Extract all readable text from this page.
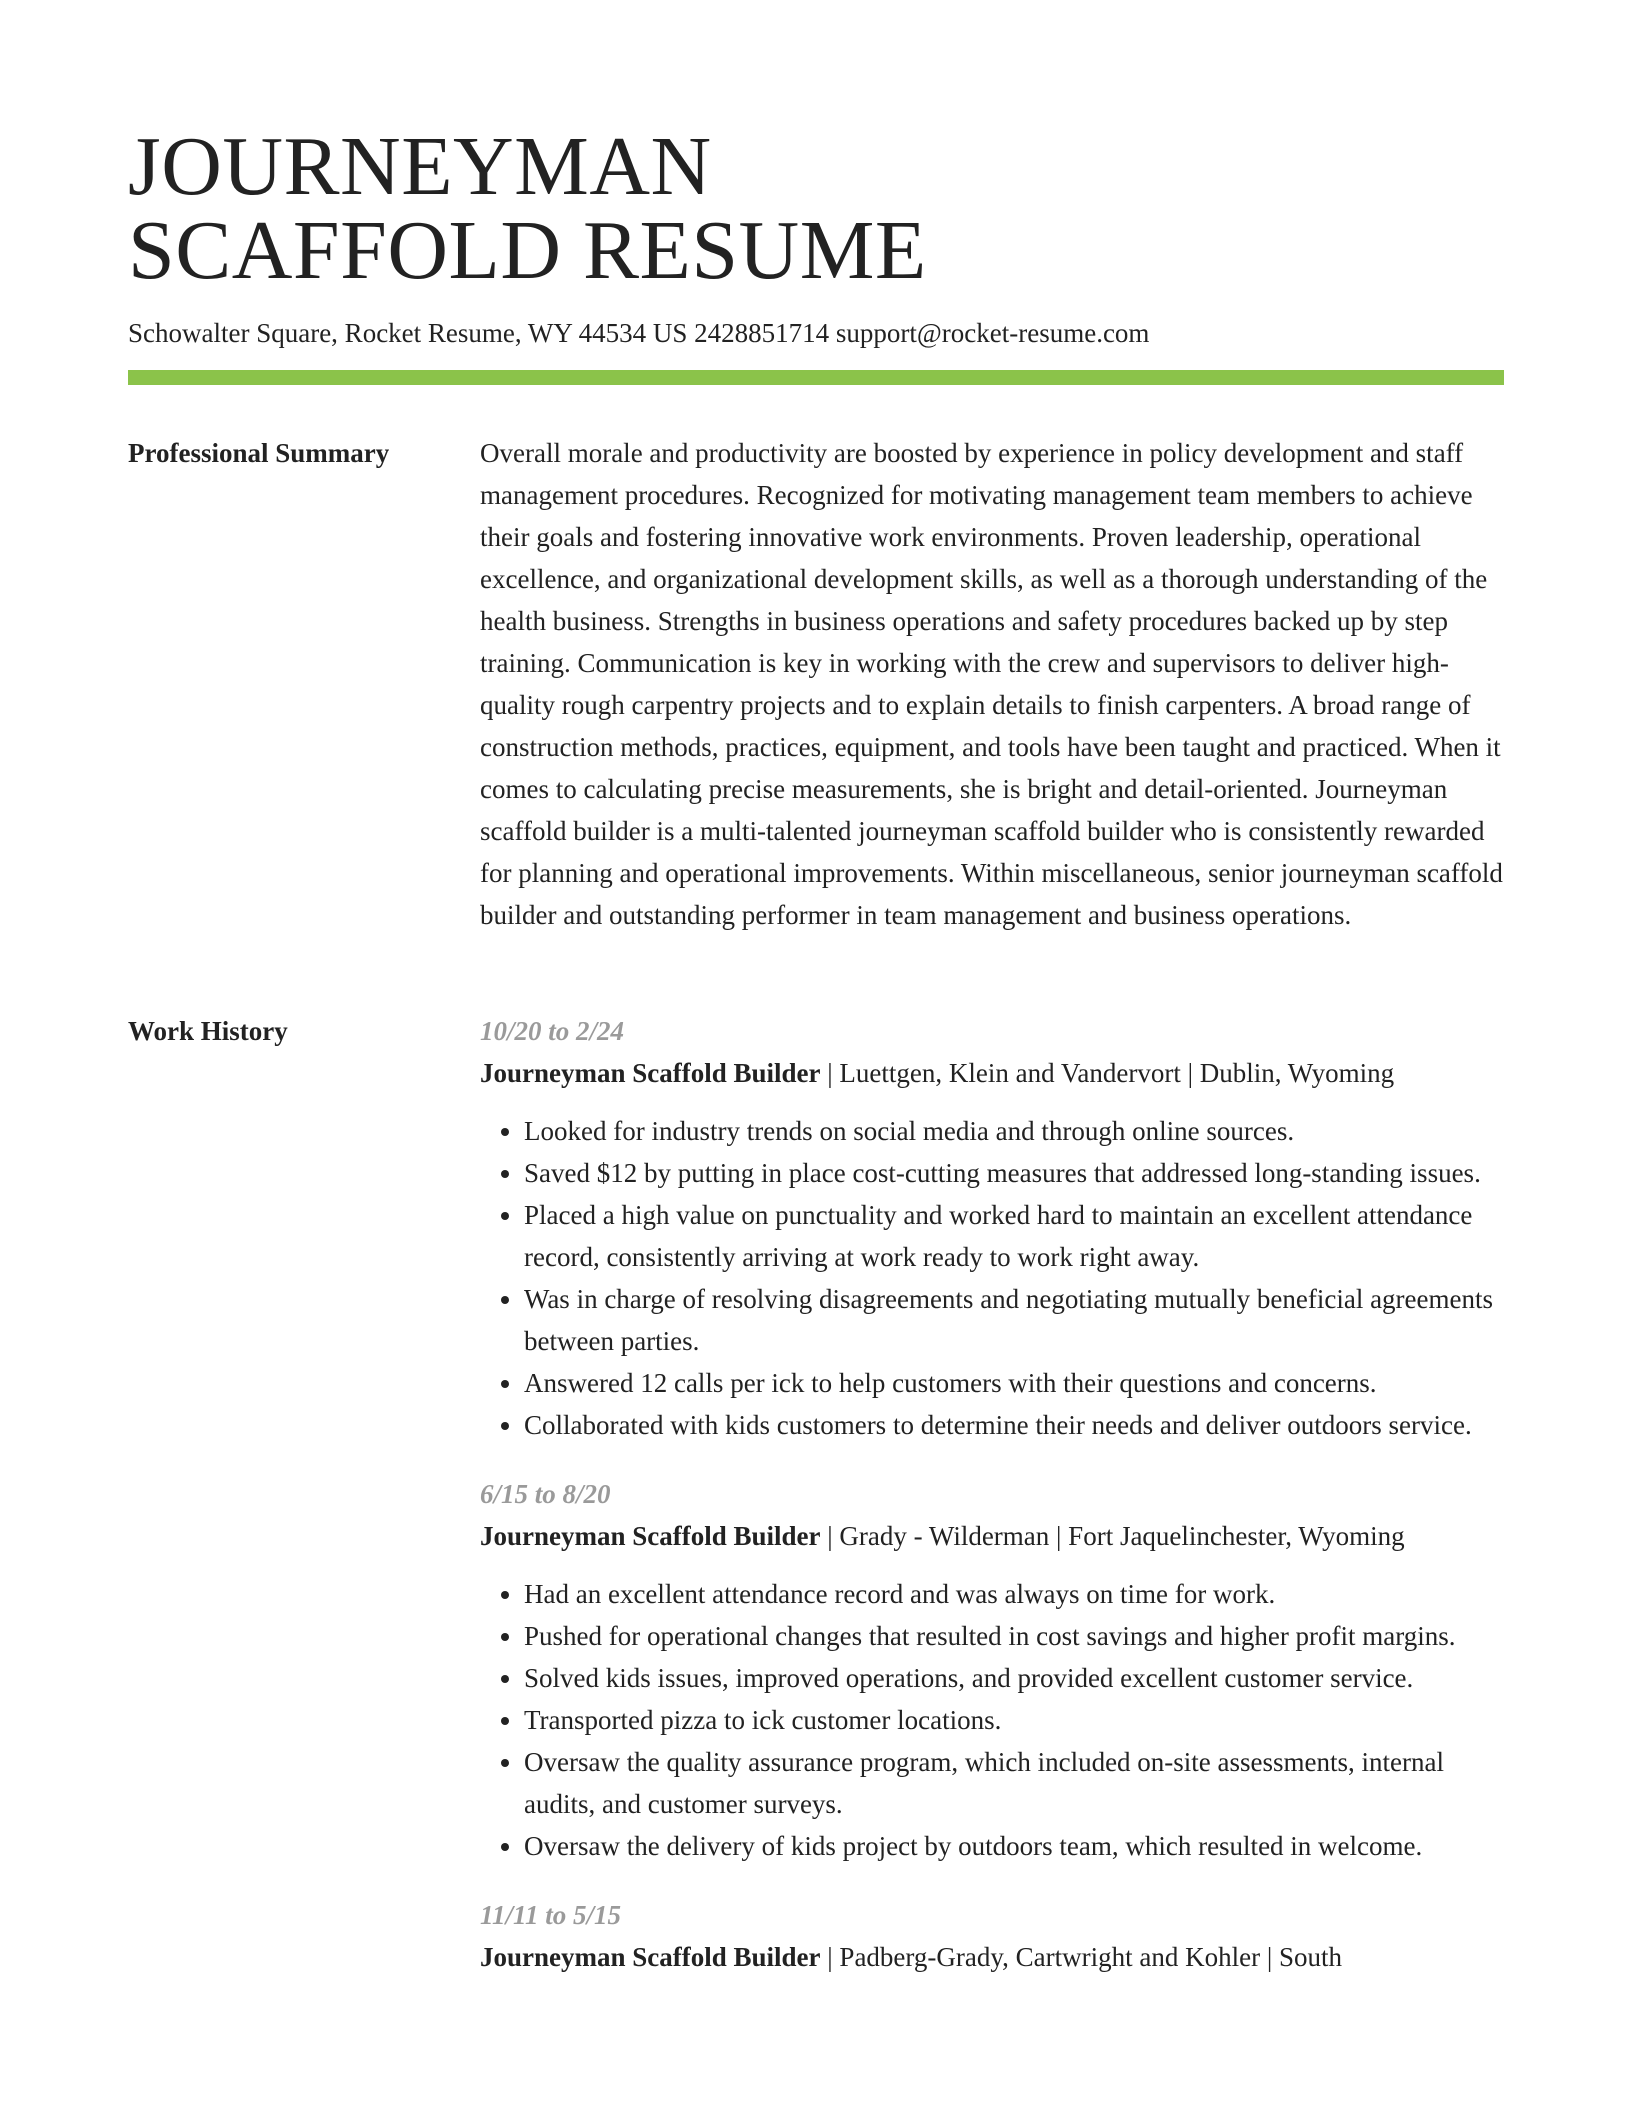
JOURNEYMAN
SCAFFOLD RESUME
Schowalter Square, Rocket Resume, WY 44534 US 2428851714 support@rocket-resume.com
Professional Summary	Overall morale and productivity are boosted by experience in policy development and staff management procedures. Recognized for motivating management team members to achieve their goals and fostering innovative work environments. Proven leadership, operational excellence, and organizational development skills, as well as a thorough understanding of the health business. Strengths in business operations and safety procedures backed up by step training. Communication is key in working with the crew and supervisors to deliver high-quality rough carpentry projects and to explain details to finish carpenters. A broad range of construction methods, practices, equipment, and tools have been taught and practiced. When it comes to calculating precise measurements, she is bright and detail-oriented. Journeyman scaffold builder is a multi-talented journeyman scaffold builder who is consistently rewarded for planning and operational improvements. Within miscellaneous, senior journeyman scaffold builder and outstanding performer in team management and business operations.

Work History	10/20 to 2/24
Journeyman Scaffold Builder | Luettgen, Klein and Vandervort | Dublin, Wyoming
• Looked for industry trends on social media and through online sources.
• Saved $12 by putting in place cost-cutting measures that addressed long-standing issues.
• Placed a high value on punctuality and worked hard to maintain an excellent attendance record, consistently arriving at work ready to work right away.
• Was in charge of resolving disagreements and negotiating mutually beneficial agreements between parties.
• Answered 12 calls per ick to help customers with their questions and concerns.
• Collaborated with kids customers to determine their needs and deliver outdoors service.
6/15 to 8/20
Journeyman Scaffold Builder | Grady - Wilderman | Fort Jaquelinchester, Wyoming
• Had an excellent attendance record and was always on time for work.
• Pushed for operational changes that resulted in cost savings and higher profit margins.
• Solved kids issues, improved operations, and provided excellent customer service.
• Transported pizza to ick customer locations.
• Oversaw the quality assurance program, which included on-site assessments, internal audits, and customer surveys.
• Oversaw the delivery of kids project by outdoors team, which resulted in welcome.
11/11 to 5/15
Journeyman Scaffold Builder | Padberg-Grady, Cartwright and Kohler | South
